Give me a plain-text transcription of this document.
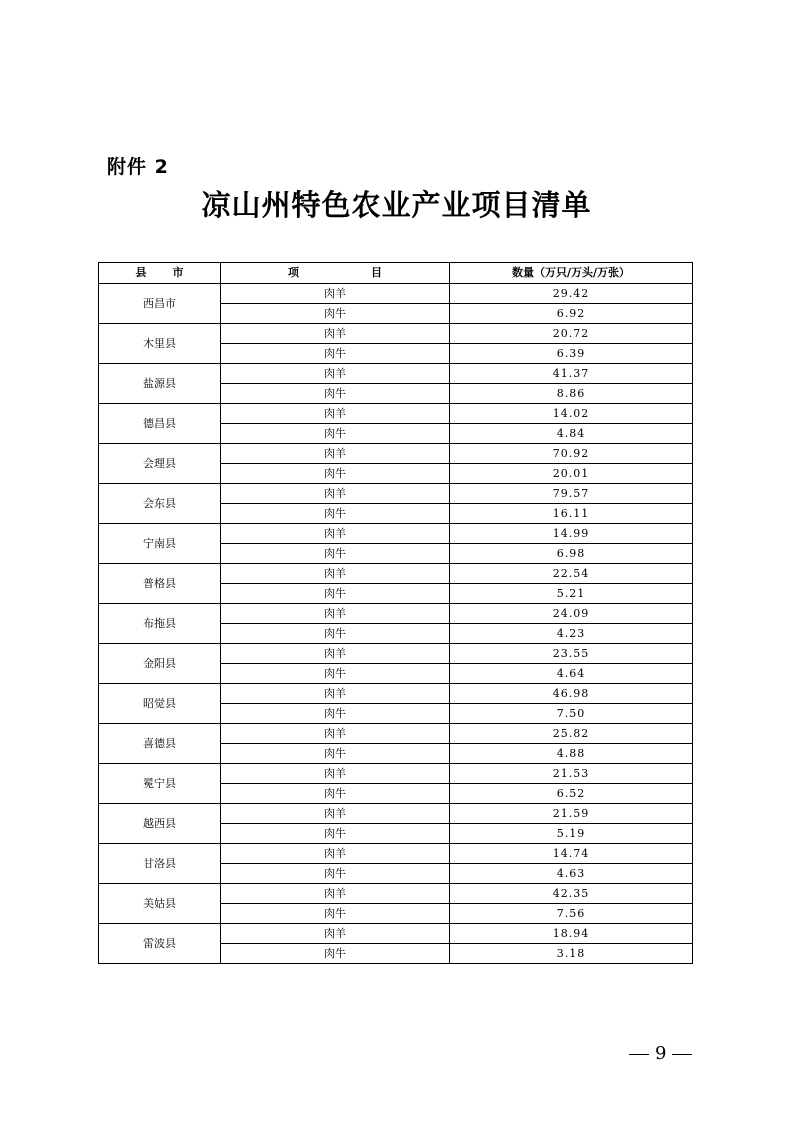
附件 2
凉山州特色农业产业项目清单
县 市	项 目	数量（万只/万头/万张）
西昌市	肉羊	29.42
	肉牛	6.92
木里县	肉羊	20.72
	肉牛	6.39
盐源县	肉羊	41.37
	肉牛	8.86
德昌县	肉羊	14.02
	肉牛	4.84
会理县	肉羊	70.92
	肉牛	20.01
会东县	肉羊	79.57
	肉牛	16.11
宁南县	肉羊	14.99
	肉牛	6.98
普格县	肉羊	22.54
	肉牛	5.21
布拖县	肉羊	24.09
	肉牛	4.23
金阳县	肉羊	23.55
	肉牛	4.64
昭觉县	肉羊	46.98
	肉牛	7.50
喜德县	肉羊	25.82
	肉牛	4.88
冕宁县	肉羊	21.53
	肉牛	6.52
越西县	肉羊	21.59
	肉牛	5.19
甘洛县	肉羊	14.74
	肉牛	4.63
美姑县	肉羊	42.35
	肉牛	7.56
雷波县	肉羊	18.94
	肉牛	3.18
9
